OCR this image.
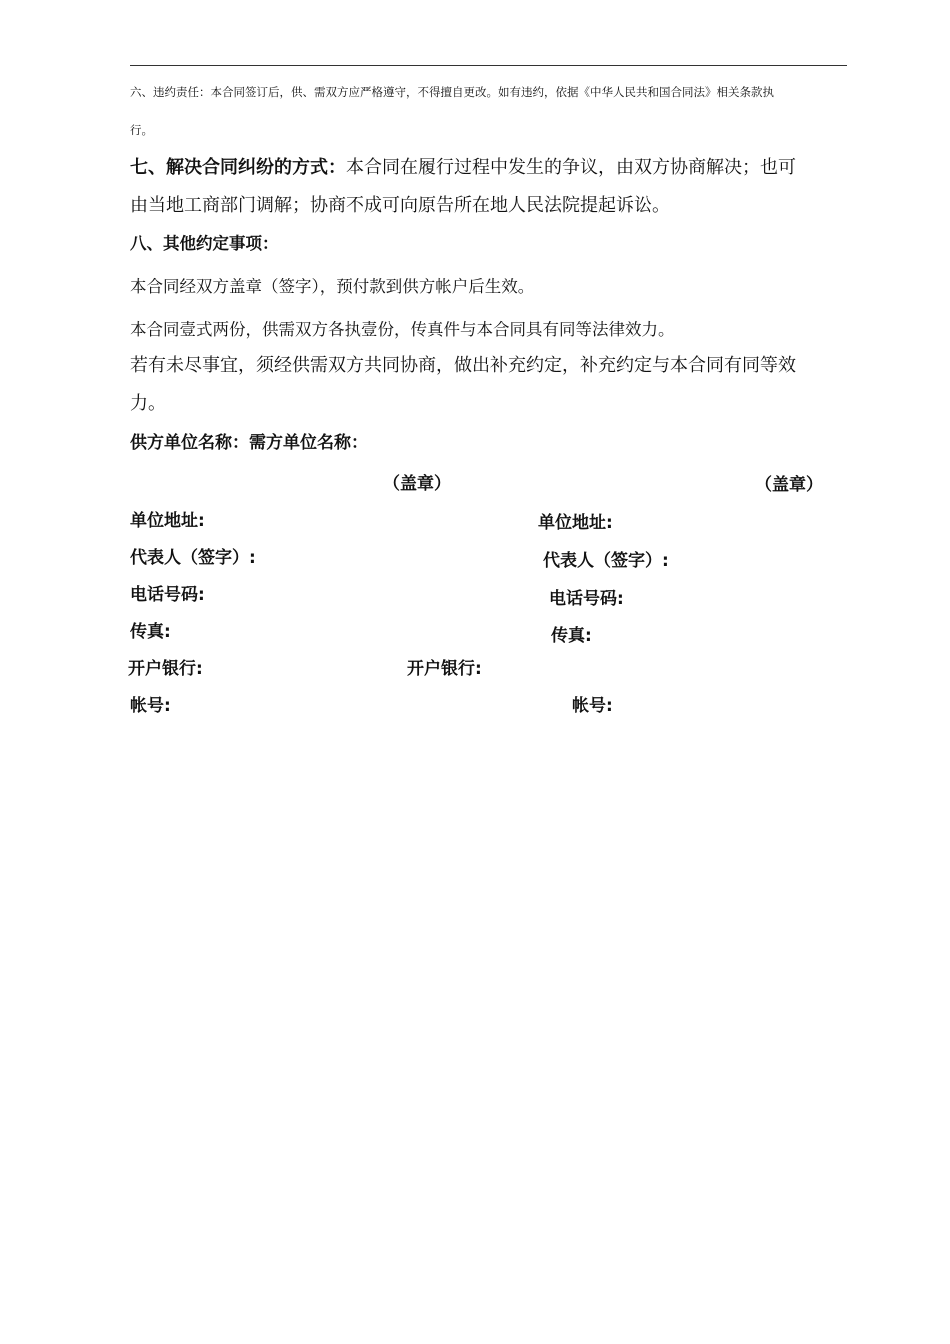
六、违约责任：本合同签订后，供、需双方应严格遵守，不得擅自更改。如有违约，依据《中华人民共和国合同法》相关条款执
行。
七、解决合同纠纷的方式：本合同在履行过程中发生的争议，由双方协商解决；也可
由当地工商部门调解；协商不成可向原告所在地人民法院提起诉讼。
八、其他约定事项：
本合同经双方盖章（签字），预付款到供方帐户后生效。
本合同壹式两份，供需双方各执壹份，传真件与本合同具有同等法律效力。
若有未尽事宜，须经供需双方共同协商，做出补充约定，补充约定与本合同有同等效
力。
供方单位名称：需方单位名称：
（盖章）	（盖章）
单位地址:	单位地址:
代表人（签字）:	代表人（签字）:
电话号码:	电话号码:
传真:	传真:
开户银行:	开户银行:
帐号:	帐号:
